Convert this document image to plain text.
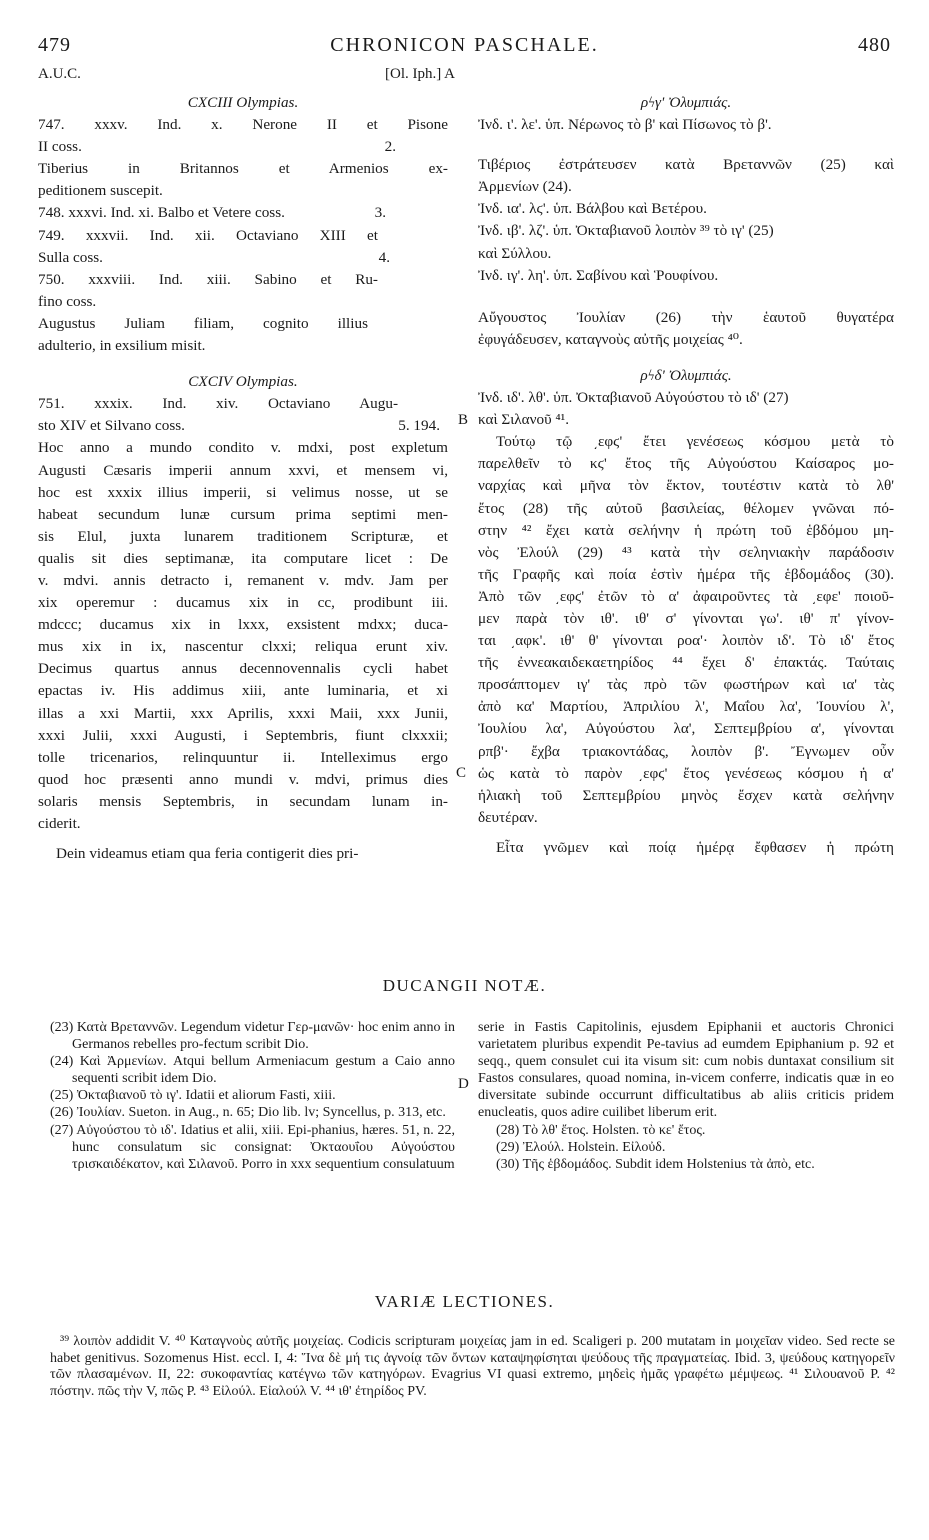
479	CHRONICON PASCHALE.	480
A.U.C.	[Ol. Iph.] A

CXCIII Olympias.

747. xxxv. Ind. x. Nerone II et Pisone

II coss.	2.

Tiberius in Britannos et Armenios ex-

peditionem suscepit.

748. xxxvi. Ind. xi. Balbo et Vetere coss.	3.

749. xxxvii. Ind. xii. Octaviano XIII et

Sulla coss.	4.

750. xxxviii. Ind. xiii. Sabino et Ru-

fino coss.

Augustus Juliam filiam, cognito illius

adulterio, in exsilium misit.

CXCIV Olympias.

751. xxxix. Ind. xiv. Octaviano Augu-

sto XIV et Silvano coss.	5. 194.

Hoc anno a mundo condito v. mdxi, post expletum

Augusti Cæsaris imperii annum xxvi, et mensem vi,

hoc est xxxix illius imperii, si velimus nosse, ut se

habeat secundum lunæ cursum prima septimi men-

sis Elul, juxta lunarem traditionem Scripturæ, et

qualis sit dies septimanæ, ita computare licet : De

v. mdvi. annis detracto i, remanent v. mdv. Jam per

xix operemur : ducamus xix in cc, prodibunt iii.

mdccc; ducamus xix in lxxx, exsistent mdxx; duca-

mus xix in ix, nascentur clxxi; reliqua erunt xiv.

Decimus quartus annus decennovennalis cycli habet

epactas iv. His addimus xiii, ante luminaria, et xi

illas a xxi Martii, xxx Aprilis, xxxi Maii, xxx Junii,

xxxi Julii, xxxi Augusti, i Septembris, fiunt clxxxii;

tolle tricenarios, relinquuntur ii. Intelleximus ergo

quod hoc præsenti anno mundi v. mdvi, primus dies

solaris mensis Septembris, in secundam lunam in-

ciderit.

Dein videamus etiam qua feria contigerit dies pri-

ρϟγ' Ὀλυμπιάς.

Ἰνδ. ι'. λε'. ὑπ. Νέρωνος τὸ β' καὶ Πίσωνος τὸ β'.

Τιβέριος ἐστράτευσεν κατὰ Βρεταννῶν (25) καὶ

Ἀρμενίων (24).

Ἰνδ. ια'. λϛ'. ὑπ. Βάλβου καὶ Βετέρου.

Ἰνδ. ιβ'. λζ'. ὑπ. Ὀκταβιανοῦ λοιπὸν ³⁹ τὸ ιγ' (25)

καὶ Σύλλου.

Ἰνδ. ιγ'. λη'. ὑπ. Σαβίνου καὶ Ῥουφίνου.

Αὔγουστος Ἰουλίαν (26) τὴν ἑαυτοῦ θυγατέρα

ἐφυγάδευσεν, καταγνοὺς αὐτῆς μοιχείας ⁴⁰.

ρϟδ' Ὀλυμπιάς.

Ἰνδ. ιδ'. λθ'. ὑπ. Ὀκταβιανοῦ Αὐγούστου τὸ ιδ' (27)

καὶ Σιλανοῦ ⁴¹.

Τούτῳ τῷ ͵εφϛ' ἔτει γενέσεως κόσμου μετὰ τὸ

παρελθεῖν τὸ κϛ' ἔτος τῆς Αὐγούστου Καίσαρος μο-

ναρχίας καὶ μῆνα τὸν ἕκτον, τουτέστιν κατὰ τὸ λθ'

ἔτος (28) τῆς αὐτοῦ βασιλείας, θέλομεν γνῶναι πό-

στην ⁴² ἔχει κατὰ σελήνην ἡ πρώτη τοῦ ἑβδόμου μη-

νὸς Ἐλούλ (29) ⁴³ κατὰ τὴν σεληνιακὴν παράδοσιν

τῆς Γραφῆς καὶ ποία ἐστὶν ἡμέρα τῆς ἑβδομάδος (30).

Ἀπὸ τῶν ͵εφϛ' ἐτῶν τὸ α' ἀφαιροῦντες τὰ ͵εφε' ποιοῦ-

μεν παρὰ τὸν ιθ'. ιθ' σ' γίνονται γω'. ιθ' π' γίνον-

ται ͵αφκ'. ιθ' θ' γίνονται ροα'· λοιπὸν ιδ'. Τὸ ιδ' ἔτος

τῆς ἐννεακαιδεκαετηρίδος ⁴⁴ ἔχει δ' ἐπακτάς. Ταύταις

προσάπτομεν ιγ' τὰς πρὸ τῶν φωστήρων καὶ ια' τὰς

ἀπὸ κα' Μαρτίου, Ἀπριλίου λ', Μαΐου λα', Ἰουνίου λ',

Ἰουλίου λα', Αὐγούστου λα', Σεπτεμβρίου α', γίνονται

ρπβ'· ἔχβα τριακοντάδας, λοιπὸν β'. Ἔγνωμεν οὖν

ὡς κατὰ τὸ παρὸν ͵εφϛ' ἔτος γενέσεως κόσμου ἡ α'

ἡλιακὴ τοῦ Σεπτεμβρίου μηνὸς ἔσχεν κατὰ σελήνην

δευτέραν.

Εἶτα γνῶμεν καὶ ποίᾳ ἡμέρᾳ ἔφθασεν ἡ πρώτη

B
C
DUCANGII NOTÆ.

(23) Κατὰ Βρεταννῶν. Legendum videtur Γερ-μανῶν· hoc enim anno in Germanos rebelles pro-fectum scribit Dio.

(24) Καὶ Ἀρμενίων. Atqui bellum Armeniacum gestum a Caio anno sequenti scribit idem Dio.

(25) Ὀκταβιανοῦ τὸ ιγ'. Idatii et aliorum Fasti, xiii.

(26) Ἰουλίαν. Sueton. in Aug., n. 65; Dio lib. lv; Syncellus, p. 313, etc.

(27) Αὐγούστου τὸ ιδ'. Idatius et alii, xiii. Epi-phanius, hæres. 51, n. 22, hunc consulatum sic consignat: Ὀκταουΐου Αὐγούστου τρισκαιδέκατον, καὶ Σιλανοῦ. Porro in xxx sequentium consulatuum

D

serie in Fastis Capitolinis, ejusdem Epiphanii et auctoris Chronici varietatem pluribus expendit Pe-tavius ad eumdem Epiphanium p. 92 et seqq., quem consulet cui ita visum sit: cum nobis duntaxat consilium sit Fastos consulares, quoad nomina, in-vicem conferre, indicatis quæ in eo diversitate subinde occurrunt difficultatibus ab aliis criticis pridem enucleatis, quos adire cuilibet liberum erit.

(28) Τὸ λθ' ἔτος. Holsten. τὸ κε' ἔτος.

(29) Ἐλούλ. Holstein. Εἰλοὐδ.

(30) Τῆς ἑβδομάδος. Subdit idem Holstenius τὰ ἀπὸ, etc.

VARIÆ LECTIONES.

³⁹ λοιπὸν addidit V. ⁴⁰ Καταγνοὺς αὐτῆς μοιχείας. Codicis scripturam μοιχείας jam in ed. Scaligeri p. 200 mutatam in μοιχεῖαν video. Sed recte se habet genitivus. Sozomenus Hist. eccl. I, 4: Ἵνα δὲ μή τις ἀγνοίᾳ τῶν ὄντων καταψηφίσηται ψεύδους τῆς πραγματείας. Ibid. 3, ψεύδους κατηγορεῖν τῶν πλασαμένων. II, 22: συκοφαντίας κατέγνω τῶν κατηγόρων. Evagrius VI quasi extremo, μηδεὶς ἡμᾶς γραφέτω μέμψεως. ⁴¹ Σιλουανοῦ P. ⁴² πόστην. πῶς τὴν V, πῶς P. ⁴³ Εἰλούλ. Εἰαλούλ V. ⁴⁴ ιθ' ἐτηρίδος PV.
